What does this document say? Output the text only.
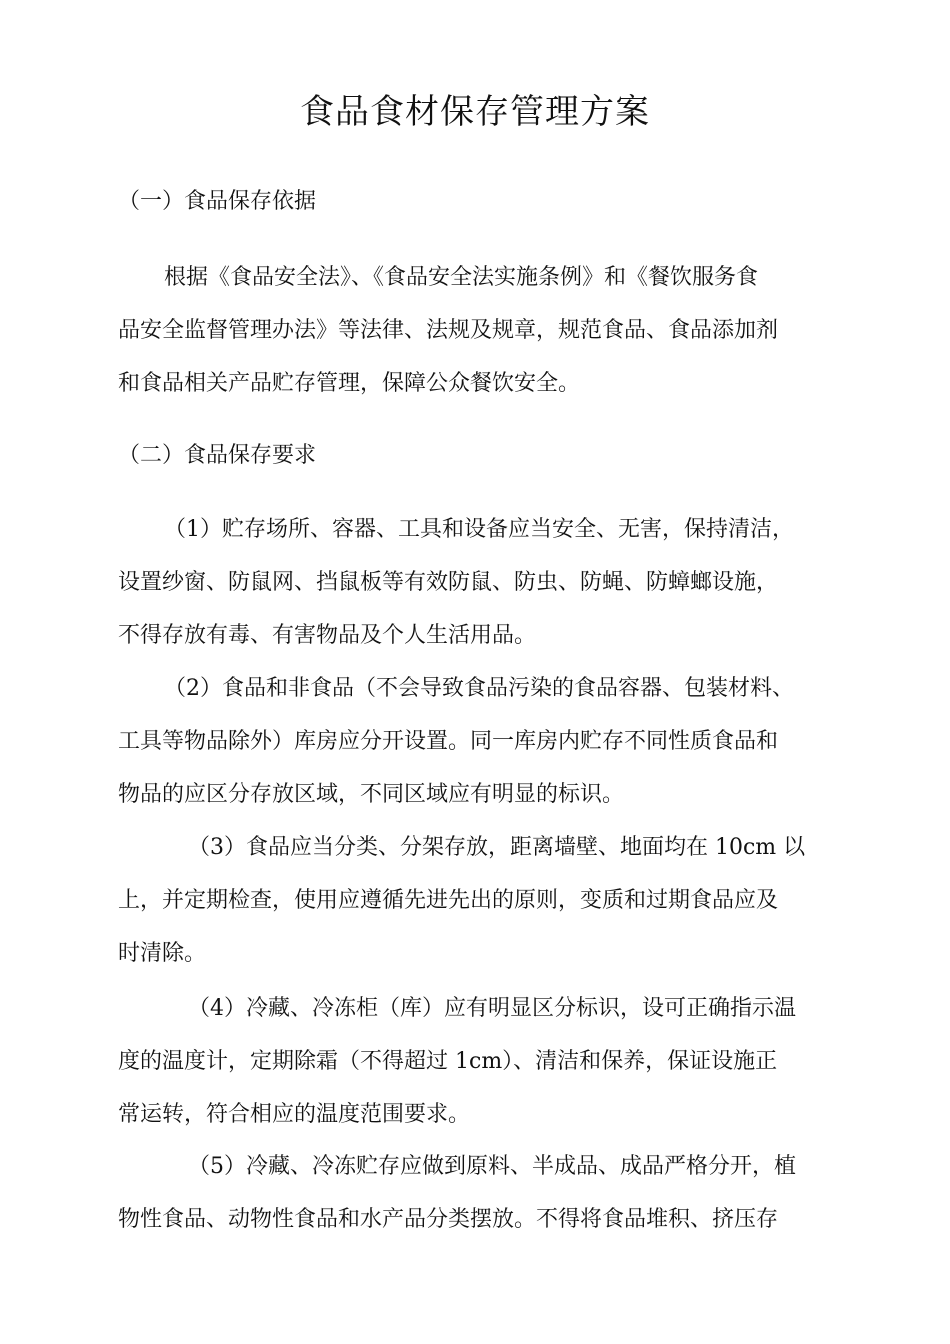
食品食材保存管理方案
（一）食品保存依据

根据《食品安全法》、《食品安全法实施条例》和《餐饮服务食
品安全监督管理办法》等法律、法规及规章，规范食品、食品添加剂
和食品相关产品贮存管理，保障公众餐饮安全。

（二）食品保存要求

（1）贮存场所、容器、工具和设备应当安全、无害，保持清洁，
设置纱窗、防鼠网、挡鼠板等有效防鼠、防虫、防蝇、防蟑螂设施，
不得存放有毒、有害物品及个人生活用品。

（2）食品和非食品（不会导致食品污染的食品容器、包装材料、
工具等物品除外）库房应分开设置。同一库房内贮存不同性质食品和
物品的应区分存放区域，不同区域应有明显的标识。

（3）食品应当分类、分架存放，距离墙壁、地面均在 10cm 以
上，并定期检查，使用应遵循先进先出的原则，变质和过期食品应及
时清除。

（4）冷藏、冷冻柜（库）应有明显区分标识，设可正确指示温
度的温度计，定期除霜（不得超过 1cm）、清洁和保养，保证设施正
常运转，符合相应的温度范围要求。

（5）冷藏、冷冻贮存应做到原料、半成品、成品严格分开，植
物性食品、动物性食品和水产品分类摆放。不得将食品堆积、挤压存
